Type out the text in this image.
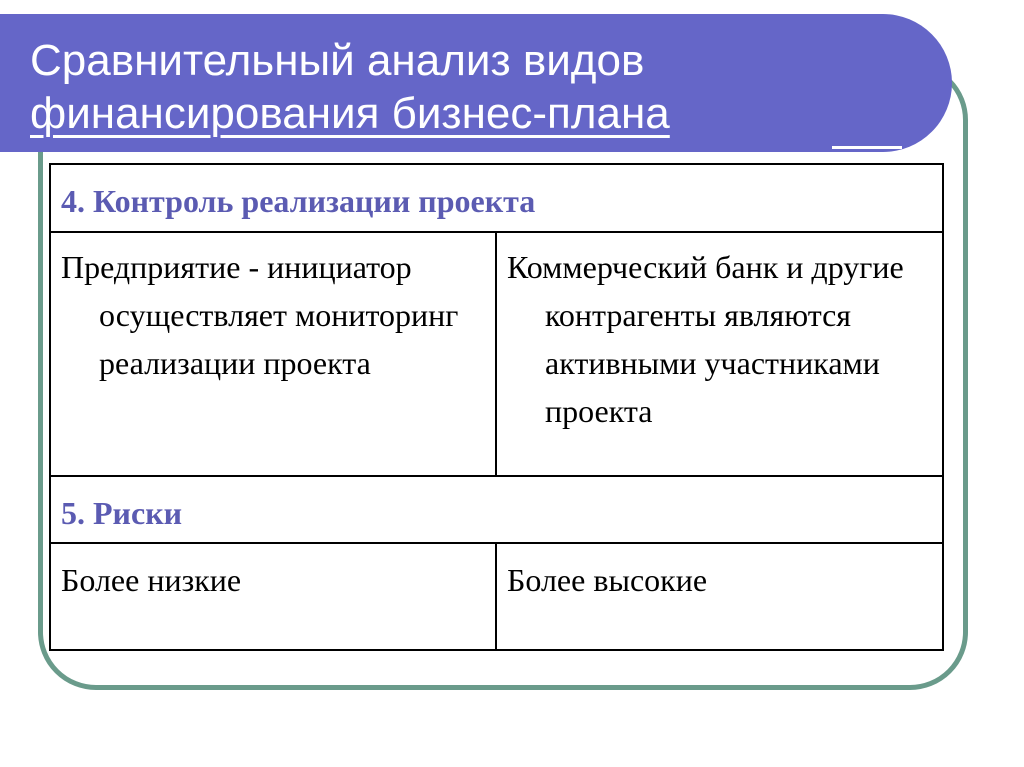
Сравнительный анализ видов
финансирования бизнес-плана
4. Контроль реализации проекта	

Предприятие - инициатор осуществляет мониторинг реализации проекта	Коммерческий банк и другие контрагенты являются активными участниками проекта

5. Риски	

Более низкие	Более высокие
